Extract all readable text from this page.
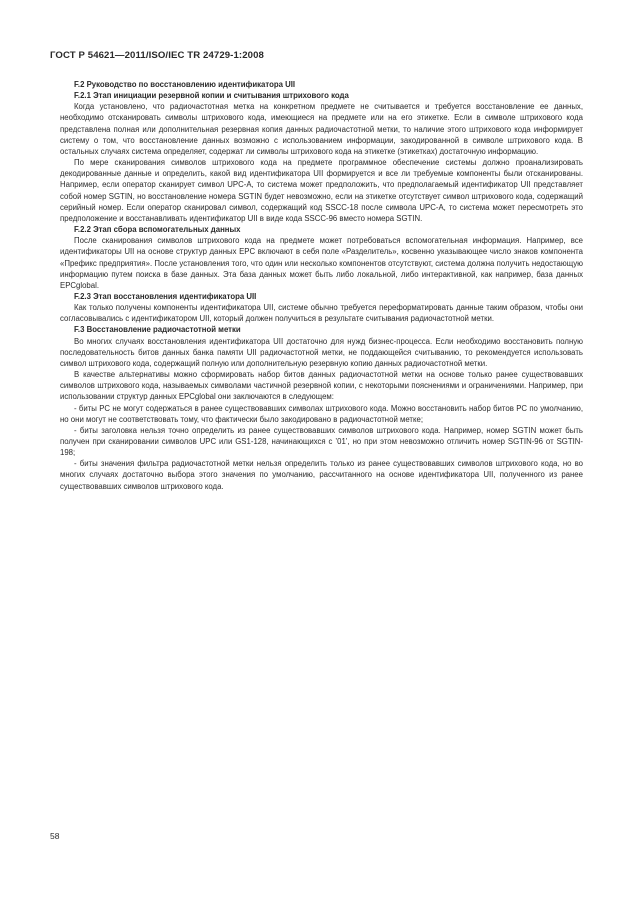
ГОСТ Р 54621—2011/ISO/IEC TR 24729-1:2008
F.2 Руководство по восстановлению идентификатора UII
F.2.1 Этап инициации резервной копии и считывания штрихового кода

Когда установлено, что радиочастотная метка на конкретном предмете не считывается и требуется восстановление ее данных, необходимо отсканировать символы штрихового кода, имеющиеся на предмете или на его этикетке. Если в символе штрихового кода представлена полная или дополнительная резервная копия данных радиочастотной метки, то наличие этого штрихового кода информирует систему о том, что восстановление данных возможно с использованием информации, закодированной в символе штрихового кода. В остальных случаях система определяет, содержат ли символы штрихового кода на этикетке (этикетках) достаточную информацию.

По мере сканирования символов штрихового кода на предмете программное обеспечение системы должно проанализировать декодированные данные и определить, какой вид идентификатора UII формируется и все ли требуемые компоненты были отсканированы. Например, если оператор сканирует символ UPC-A, то система может предположить, что предполагаемый идентификатор UII представляет собой номер SGTIN, но восстановление номера SGTIN будет невозможно, если на этикетке отсутствует символ штрихового кода, содержащий серийный номер. Если оператор сканировал символ, содержащий код SSCC-18 после символа UPC-A, то система может пересмотреть это предположение и восстанавливать идентификатор UII в виде кода SSCC-96 вместо номера SGTIN.

F.2.2 Этап сбора вспомогательных данных

После сканирования символов штрихового кода на предмете может потребоваться вспомогательная информация. Например, все идентификаторы UII на основе структур данных EPC включают в себя поле «Разделитель», косвенно указывающее число знаков компонента «Префикс предприятия». После установления того, что один или несколько компонентов отсутствуют, система должна получить недостающую информацию путем поиска в базе данных. Эта база данных может быть либо локальной, либо интерактивной, как например, база данных EPCglobal.

F.2.3 Этап восстановления идентификатора UII

Как только получены компоненты идентификатора UII, системе обычно требуется переформатировать данные таким образом, чтобы они согласовывались с идентификатором UII, который должен получиться в результате считывания радиочастотной метки.

F.3 Восстановление радиочастотной метки

Во многих случаях восстановления идентификатора UII достаточно для нужд бизнес-процесса. Если необходимо восстановить полную последовательность битов данных банка памяти UII радиочастотной метки, не поддающейся считыванию, то рекомендуется использовать символ штрихового кода, содержащий полную или дополнительную резервную копию данных радиочастотной метки.

В качестве альтернативы можно сформировать набор битов данных радиочастотной метки на основе только ранее существовавших символов штрихового кода, называемых символами частичной резервной копии, с некоторыми пояснениями и ограничениями. Например, при использовании структур данных EPCglobal они заключаются в следующем:

- биты PC не могут содержаться в ранее существовавших символах штрихового кода. Можно восстановить набор битов PC по умолчанию, но они могут не соответствовать тому, что фактически было закодировано в радиочастотной метке;

- биты заголовка нельзя точно определить из ранее существовавших символов штрихового кода. Например, номер SGTIN может быть получен при сканировании символов UPC или GS1-128, начинающихся с ’01’, но при этом невозможно отличить номер SGTIN-96 от SGTIN-198;

- биты значения фильтра радиочастотной метки нельзя определить только из ранее существовавших символов штрихового кода, но во многих случаях достаточно выбора этого значения по умолчанию, рассчитанного на основе идентификатора UII, полученного из ранее существовавших символов штрихового кода.

58
